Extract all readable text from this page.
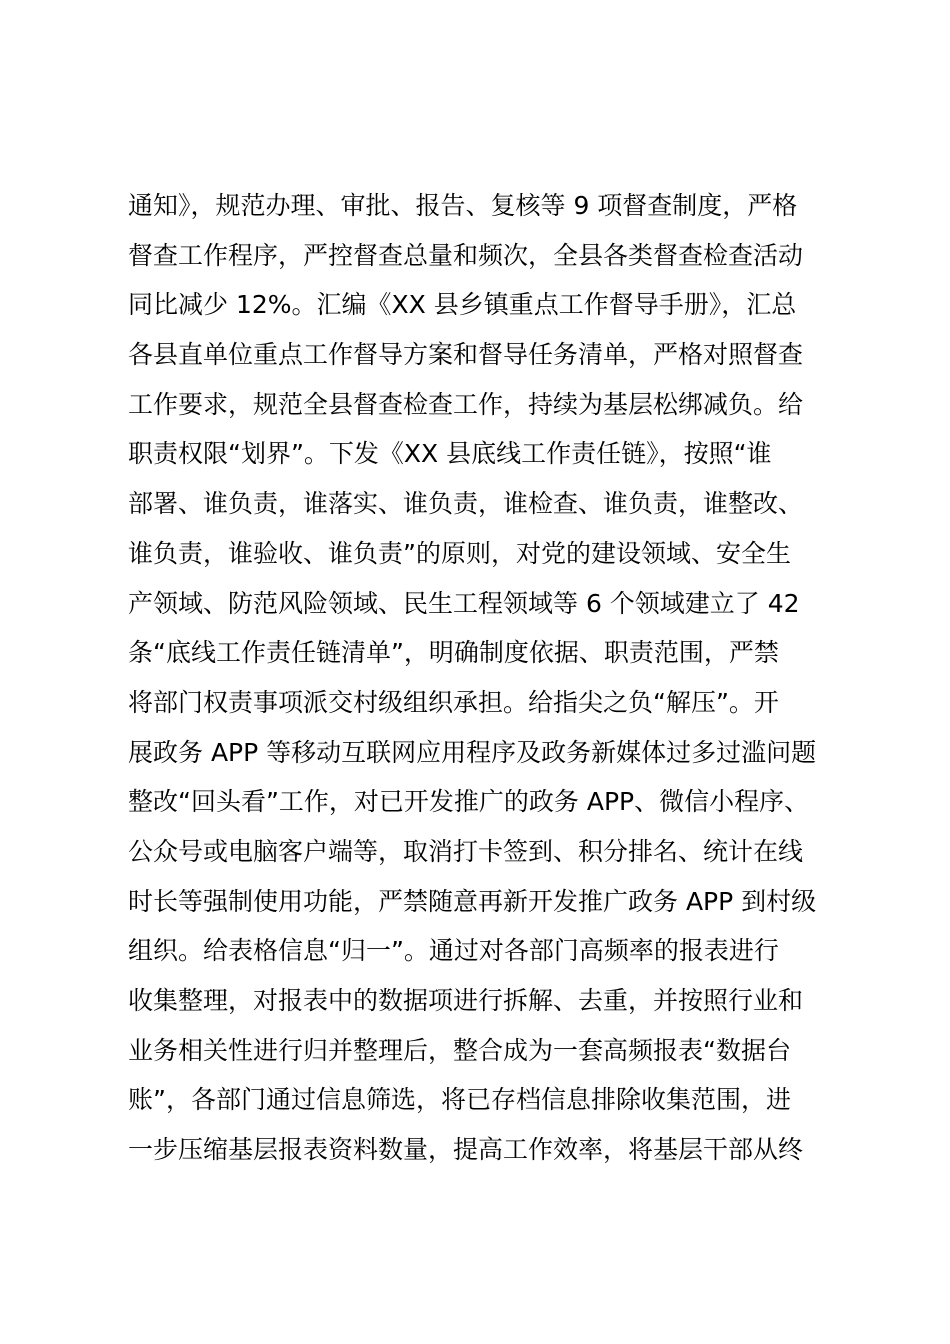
通知》，规范办理、审批、报告、复核等 9 项督查制度，严格
督查工作程序，严控督查总量和频次，全县各类督查检查活动
同比减少 12%。汇编《XX 县乡镇重点工作督导手册》，汇总
各县直单位重点工作督导方案和督导任务清单，严格对照督查
工作要求，规范全县督查检查工作，持续为基层松绑减负。给
职责权限“划界”。下发《XX 县底线工作责任链》，按照“谁
部署、谁负责，谁落实、谁负责，谁检查、谁负责，谁整改、
谁负责，谁验收、谁负责”的原则，对党的建设领域、安全生
产领域、防范风险领域、民生工程领域等 6 个领域建立了 42
条“底线工作责任链清单”，明确制度依据、职责范围，严禁
将部门权责事项派交村级组织承担。给指尖之负“解压”。开
展政务 APP 等移动互联网应用程序及政务新媒体过多过滥问题
整改“回头看”工作，对已开发推广的政务 APP、微信小程序、
公众号或电脑客户端等，取消打卡签到、积分排名、统计在线
时长等强制使用功能，严禁随意再新开发推广政务 APP 到村级
组织。给表格信息“归一”。通过对各部门高频率的报表进行
收集整理，对报表中的数据项进行拆解、去重，并按照行业和
业务相关性进行归并整理后，整合成为一套高频报表“数据台
账”，各部门通过信息筛选，将已存档信息排除收集范围，进
一步压缩基层报表资料数量，提高工作效率，将基层干部从终
